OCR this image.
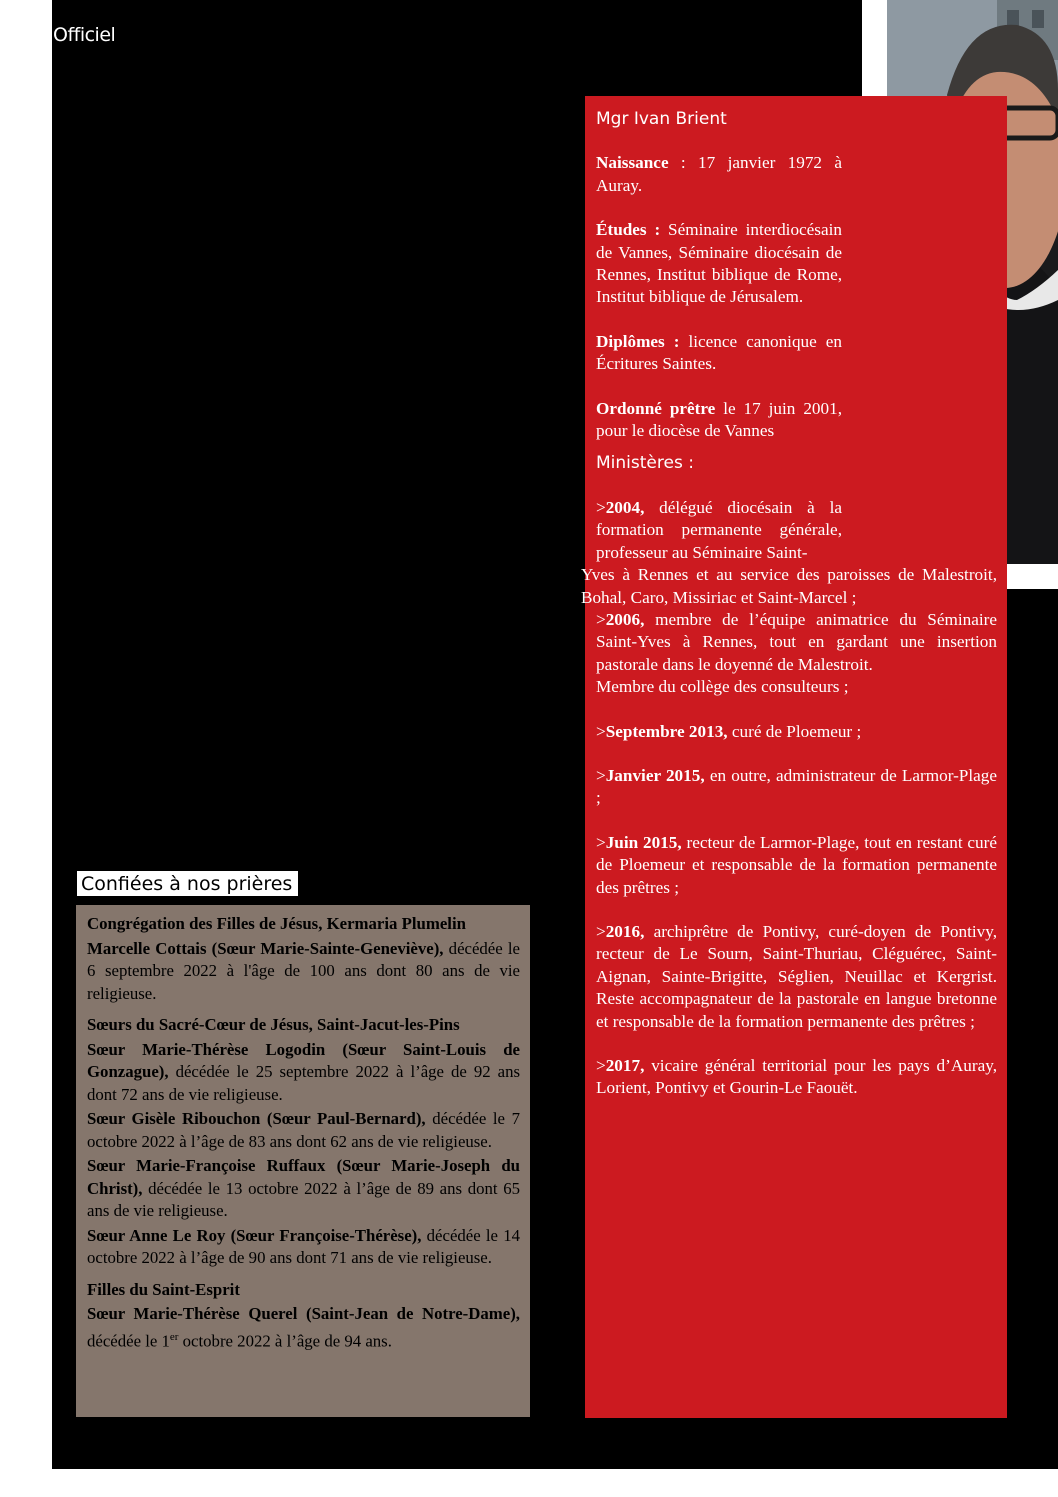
Officiel

Mgr Ivan Brient

Naissance : 17 janvier 1972 à Auray.

Études : Séminaire interdiocésain de Vannes, Séminaire diocésain de Rennes, Institut biblique de Rome, Institut biblique de Jérusalem.

Diplômes : licence canonique en Écritures Saintes.

Ordonné prêtre le 17 juin 2001, pour le diocèse de Vannes

Ministères :

>2004, délégué diocésain à la formation permanente générale, professeur au Séminaire Saint-

Yves à Rennes et au service des paroisses de Malestroit, Bohal, Caro, Missiriac et Saint-Marcel ;

>2006, membre de l’équipe animatrice du Séminaire Saint-Yves à Rennes, tout en gardant une insertion pastorale dans le doyenné de Malestroit.

Membre du collège des consulteurs ;

>Septembre 2013, curé de Ploemeur ;

>Janvier 2015, en outre, administrateur de Larmor-Plage ;

>Juin 2015, recteur de Larmor-Plage, tout en restant curé de Ploemeur et responsable de la formation permanente des prêtres ;

>2016, archiprêtre de Pontivy, curé-doyen de Pontivy, recteur de Le Sourn, Saint-Thuriau, Cléguérec, Saint-Aignan, Sainte-Brigitte, Séglien, Neuillac et Kergrist. Reste accompagnateur de la pastorale en langue bretonne et responsable de la formation permanente des prêtres ;

>2017, vicaire général territorial pour les pays d’Auray, Lorient, Pontivy et Gourin-Le Faouët.

Confiées à nos prières

Congrégation des Filles de Jésus, Kermaria Plumelin

Marcelle Cottais (Sœur Marie-Sainte-Geneviève), décédée le 6 septembre 2022 à l'âge de 100 ans dont 80 ans de vie religieuse.

Sœurs du Sacré-Cœur de Jésus, Saint-Jacut-les-Pins

Sœur Marie-Thérèse Logodin (Sœur Saint-Louis de Gonzague), décédée le 25 septembre 2022 à l’âge de 92 ans dont 72 ans de vie religieuse.

Sœur Gisèle Ribouchon (Sœur Paul-Bernard), décédée le 7 octobre 2022 à l’âge de 83 ans dont 62 ans de vie religieuse.

Sœur Marie-Françoise Ruffaux (Sœur Marie-Joseph du Christ), décédée le 13 octobre 2022 à l’âge de 89 ans dont 65 ans de vie religieuse.

Sœur Anne Le Roy (Sœur Françoise-Thérèse), décédée le 14 octobre 2022 à l’âge de 90 ans dont 71 ans de vie religieuse.

Filles du Saint-Esprit

Sœur Marie-Thérèse Querel (Saint-Jean de Notre-Dame), décédée le 1er octobre 2022 à l’âge de 94 ans.
